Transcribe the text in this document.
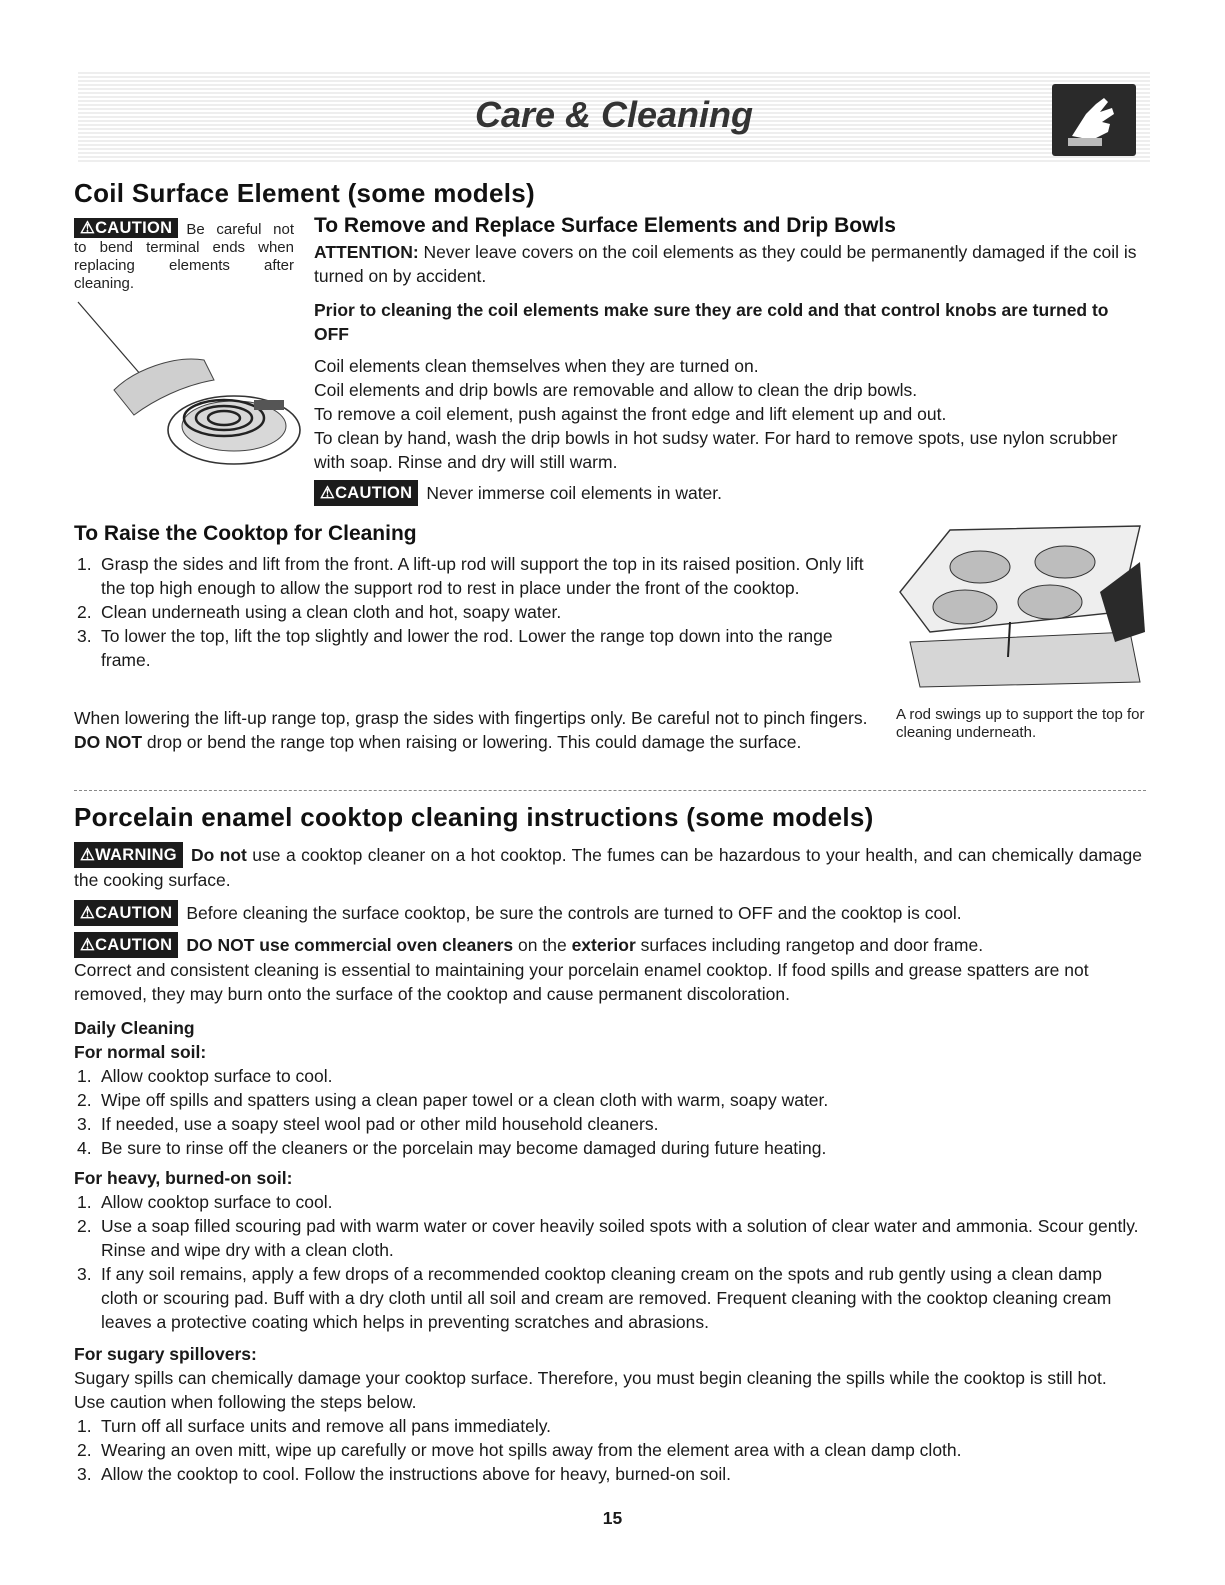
Care & Cleaning
Coil Surface Element (some models)
⚠CAUTION Be careful not to bend terminal ends when replacing elements after cleaning.
To Remove and Replace Surface Elements and Drip Bowls
ATTENTION: Never leave covers on the coil elements as they could be permanently damaged if the coil is turned on by accident.
Prior to cleaning the coil elements make sure they are cold and that control knobs are turned to OFF
Coil elements clean themselves when they are turned on.
Coil elements and drip bowls are removable and allow to clean the drip bowls.
To remove a coil element, push against the front edge and lift element up and out.
To clean by hand, wash the drip bowls in hot sudsy water. For hard to remove spots, use nylon scrubber with soap. Rinse and dry will still warm.
⚠CAUTION Never immerse coil elements in water.
To Raise the Cooktop for Cleaning
1. Grasp the sides and lift from the front. A lift-up rod will support the top in its raised position. Only lift the top high enough to allow the support rod to rest in place under the front of the cooktop.
2. Clean underneath using a clean cloth and hot, soapy water.
3. To lower the top, lift the top slightly and lower the rod. Lower the range top down into the range frame.
When lowering the lift-up range top, grasp the sides with fingertips only. Be careful not to pinch fingers. DO NOT drop or bend the range top when raising or lowering. This could damage the surface.
A rod swings up to support the top for cleaning underneath.
Porcelain enamel cooktop cleaning instructions (some models)
⚠WARNING Do not use a cooktop cleaner on a hot cooktop. The fumes can be hazardous to your health, and can chemically damage the cooking surface.
⚠CAUTION Before cleaning the surface cooktop, be sure the controls are turned to OFF and the cooktop is cool.
⚠CAUTION DO NOT use commercial oven cleaners on the exterior surfaces including rangetop and door frame.
Correct and consistent cleaning is essential to maintaining your porcelain enamel cooktop. If food spills and grease spatters are not removed, they may burn onto the surface of the cooktop and cause permanent discoloration.
Daily Cleaning
For normal soil:
1. Allow cooktop surface to cool.
2. Wipe off spills and spatters using a clean paper towel or a clean cloth with warm, soapy water.
3. If needed, use a soapy steel wool pad or other mild household cleaners.
4. Be sure to rinse off the cleaners or the porcelain may become damaged during future heating.
For heavy, burned-on soil:
1. Allow cooktop surface to cool.
2. Use a soap filled scouring pad with warm water or cover heavily soiled spots with a solution of clear water and ammonia. Scour gently. Rinse and wipe dry with a clean cloth.
3. If any soil remains, apply a few drops of a recommended cooktop cleaning cream on the spots and rub gently using a clean damp cloth or scouring pad. Buff with a dry cloth until all soil and cream are removed. Frequent cleaning with the cooktop cleaning cream leaves a protective coating which helps in preventing scratches and abrasions.
For sugary spillovers:
Sugary spills can chemically damage your cooktop surface. Therefore, you must begin cleaning the spills while the cooktop is still hot. Use caution when following the steps below.
1. Turn off all surface units and remove all pans immediately.
2. Wearing an oven mitt, wipe up carefully or move hot spills away from the element area with a clean damp cloth.
3. Allow the cooktop to cool. Follow the instructions above for heavy, burned-on soil.
15
